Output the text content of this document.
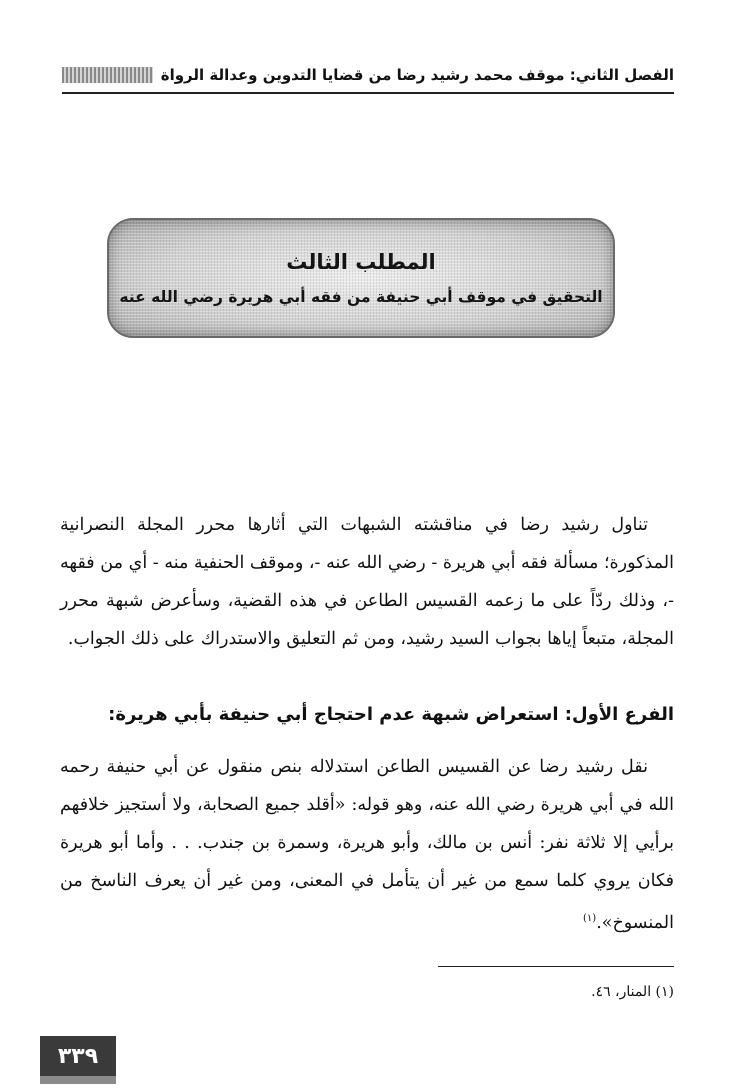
الفصل الثاني: موقف محمد رشيد رضا من قضايا التدوين وعدالة الرواة
المطلب الثالث
التحقيق في موقف أبي حنيفة من فقه أبي هريرة رضي الله عنه

تناول رشيد رضا في مناقشته الشبهات التي أثارها محرر المجلة النصرانية المذكورة؛ مسألة فقه أبي هريرة - رضي الله عنه -، وموقف الحنفية منه - أي من فقهه -، وذلك ردّاً على ما زعمه القسيس الطاعن في هذه القضية، وسأعرض شبهة محرر المجلة، متبعاً إياها بجواب السيد رشيد، ومن ثم التعليق والاستدراك على ذلك الجواب.

الفرع الأول: استعراض شبهة عدم احتجاج أبي حنيفة بأبي هريرة:

نقل رشيد رضا عن القسيس الطاعن استدلاله بنص منقول عن أبي حنيفة رحمه الله في أبي هريرة رضي الله عنه، وهو قوله: «أقلد جميع الصحابة، ولا أستجيز خلافهم برأيي إلا ثلاثة نفر: أنس بن مالك، وأبو هريرة، وسمرة بن جندب. . . وأما أبو هريرة فكان يروي كلما سمع من غير أن يتأمل في المعنى، ومن غير أن يعرف الناسخ من المنسوخ».$^{(١)}$

(١) المنار، ٤٦.
٣٣٩
